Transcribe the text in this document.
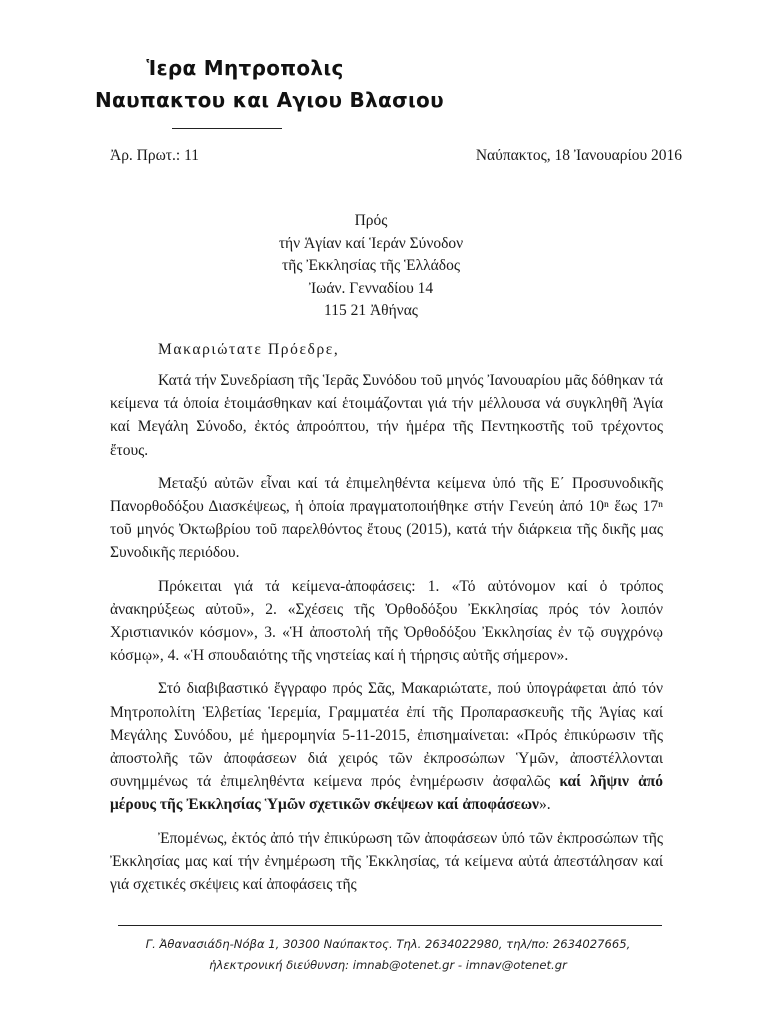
Ἱερα Μητροπολις
Ναυπακτου και Αγιου Βλασιου
Ἀρ. Πρωτ.: 11	Ναύπακτος, 18 Ἰανουαρίου 2016
Πρός
τήν Ἁγίαν καί Ἱεράν Σύνοδον
τῆς Ἐκκλησίας τῆς Ἑλλάδος
Ἰωάν. Γενναδίου 14
115 21 Ἀθήνας
Μακαριώτατε Πρόεδρε,

Κατά τήν Συνεδρίαση τῆς Ἱερᾶς Συνόδου τοῦ μηνός Ἰανουαρίου μᾶς δόθηκαν τά κείμενα τά ὁποία ἑτοιμάσθηκαν καί ἑτοιμάζονται γιά τήν μέλλουσα νά συγκληθῆ Ἁγία καί Μεγάλη Σύνοδο, ἐκτός ἀπροόπτου, τήν ἡμέρα τῆς Πεντηκοστῆς τοῦ τρέχοντος ἔτους.

Μεταξύ αὐτῶν εἶναι καί τά ἐπιμεληθέντα κείμενα ὑπό τῆς Ε΄ Προσυνοδικῆς Πανορθοδόξου Διασκέψεως, ἡ ὁποία πραγματοποιήθηκε στήν Γενεύη ἀπό 10ⁿ ἕως 17ⁿ τοῦ μηνός Ὀκτωβρίου τοῦ παρελθόντος ἔτους (2015), κατά τήν διάρκεια τῆς δικῆς μας Συνοδικῆς περιόδου.

Πρόκειται γιά τά κείμενα-ἀποφάσεις: 1. «Τό αὐτόνομον καί ὁ τρόπος ἀνακηρύξεως αὐτοῦ», 2. «Σχέσεις τῆς Ὀρθοδόξου Ἐκκλησίας πρός τόν λοιπόν Χριστιανικόν κόσμον», 3. «Ἡ ἀποστολή τῆς Ὀρθοδόξου Ἐκκλησίας ἐν τῷ συγχρόνῳ κόσμῳ», 4. «Ἡ σπουδαιότης τῆς νηστείας καί ἡ τήρησις αὐτῆς σήμερον».

Στό διαβιβαστικό ἔγγραφο πρός Σᾶς, Μακαριώτατε, πού ὑπογράφεται ἀπό τόν Μητροπολίτη Ἑλβετίας Ἱερεμία, Γραμματέα ἐπί τῆς Προπαρασκευῆς τῆς Ἁγίας καί Μεγάλης Συνόδου, μέ ἡμερομηνία 5-11-2015, ἐπισημαίνεται: «Πρός ἐπικύρωσιν τῆς ἀποστολῆς τῶν ἀποφάσεων διά χειρός τῶν ἐκπροσώπων Ὑμῶν, ἀποστέλλονται συνημμένως τά ἐπιμεληθέντα κείμενα πρός ἐνημέρωσιν ἀσφαλῶς καί λῆψιν ἀπό μέρους τῆς Ἐκκλησίας Ὑμῶν σχετικῶν σκέψεων καί ἀποφάσεων».

Ἐπομένως, ἐκτός ἀπό τήν ἐπικύρωση τῶν ἀποφάσεων ὑπό τῶν ἐκπροσώπων τῆς Ἐκκλησίας μας καί τήν ἐνημέρωση τῆς Ἐκκλησίας, τά κείμενα αὐτά ἀπεστάλησαν καί γιά σχετικές σκέψεις καί ἀποφάσεις τῆς

Γ. Ἀθανασιάδη-Νόβα 1, 30300 Ναύπακτος. Τηλ. 2634022980, τηλ/πο: 2634027665,
ἠλεκτρονική διεύθυνση: imnab@otenet.gr - imnav@otenet.gr
